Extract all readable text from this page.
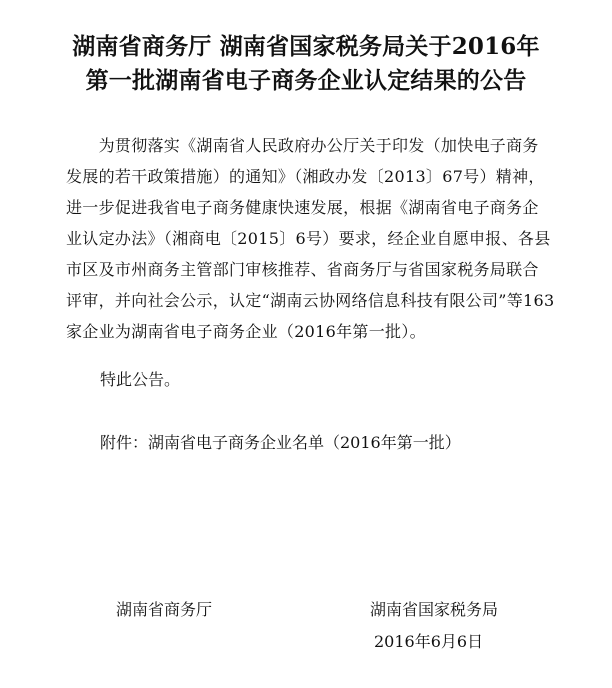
湖南省商务厅 湖南省国家税务局关于2016年
第一批湖南省电子商务企业认定结果的公告
　　为贯彻落实《湖南省人民政府办公厅关于印发（加快电子商务
发展的若干政策措施）的通知》（湘政办发〔2013〕67号）精神，
进一步促进我省电子商务健康快速发展，根据《湖南省电子商务企
业认定办法》（湘商电〔2015〕6号）要求，经企业自愿申报、各县
市区及市州商务主管部门审核推荐、省商务厅与省国家税务局联合
评审，并向社会公示，认定“湖南云协网络信息科技有限公司”等163
家企业为湖南省电子商务企业（2016年第一批）。
特此公告。
附件：湖南省电子商务企业名单（2016年第一批）
湖南省商务厅	湖南省国家税务局
2016年6月6日
